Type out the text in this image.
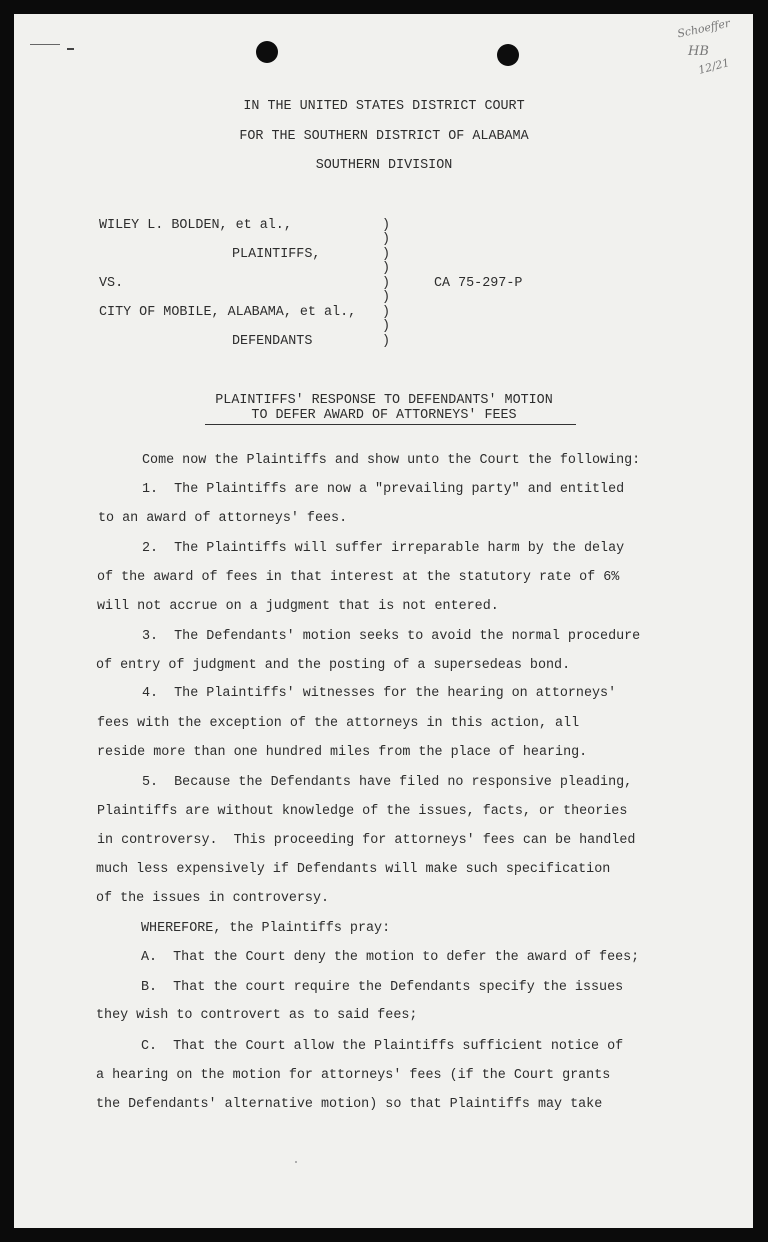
Schoeffer
HB
12/21
IN THE UNITED STATES DISTRICT COURT
FOR THE SOUTHERN DISTRICT OF ALABAMA
SOUTHERN DIVISION
WILEY L. BOLDEN, et al.,
PLAINTIFFS,
VS.
CITY OF MOBILE, ALABAMA, et al.,
DEFENDANTS
CA 75-297-P
)
)
)
)
)
)
)
)
)
PLAINTIFFS' RESPONSE TO DEFENDANTS' MOTION
TO DEFER AWARD OF ATTORNEYS' FEES
Come now the Plaintiffs and show unto the Court the following:
1.  The Plaintiffs are now a "prevailing party" and entitled
to an award of attorneys' fees.
2.  The Plaintiffs will suffer irreparable harm by the delay
of the award of fees in that interest at the statutory rate of 6%
will not accrue on a judgment that is not entered.
3.  The Defendants' motion seeks to avoid the normal procedure
of entry of judgment and the posting of a supersedeas bond.
4.  The Plaintiffs' witnesses for the hearing on attorneys'
fees with the exception of the attorneys in this action, all
reside more than one hundred miles from the place of hearing.
5.  Because the Defendants have filed no responsive pleading,
Plaintiffs are without knowledge of the issues, facts, or theories
in controversy.  This proceeding for attorneys' fees can be handled
much less expensively if Defendants will make such specification
of the issues in controversy.
WHEREFORE, the Plaintiffs pray:
A.  That the Court deny the motion to defer the award of fees;
B.  That the court require the Defendants specify the issues
they wish to controvert as to said fees;
C.  That the Court allow the Plaintiffs sufficient notice of
a hearing on the motion for attorneys' fees (if the Court grants
the Defendants' alternative motion) so that Plaintiffs may take
